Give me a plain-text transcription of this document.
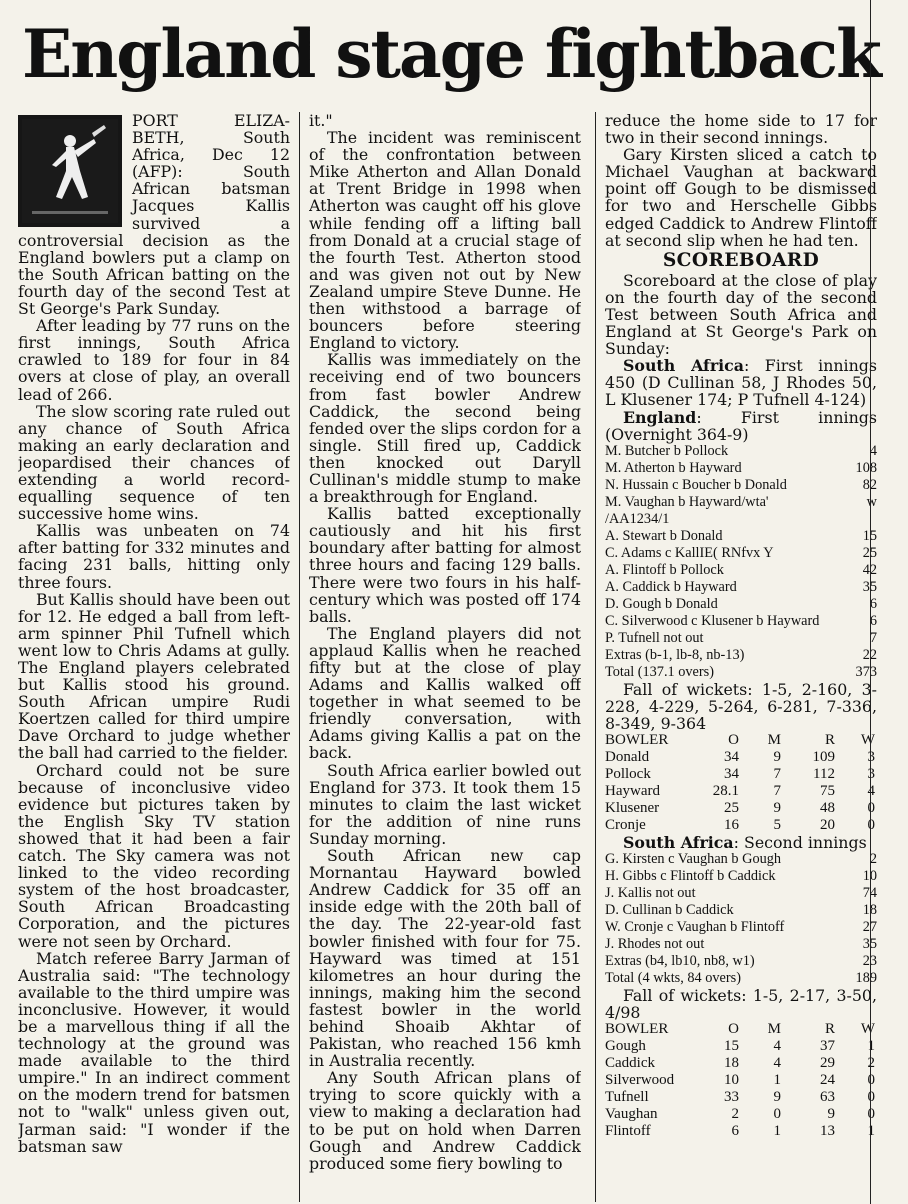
England stage fightback

PORT ELIZA-BETH, South Africa, Dec 12 (AFP): South African batsman Jacques Kallis survived a controversial decision as the England bowlers put a clamp on the South African batting on the fourth day of the second Test at St George's Park Sunday.

After leading by 77 runs on the first innings, South Africa crawled to 189 for four in 84 overs at close of play, an overall lead of 266.

The slow scoring rate ruled out any chance of South Africa making an early declaration and jeopardised their chances of extending a world record-equalling sequence of ten successive home wins.

Kallis was unbeaten on 74 after batting for 332 minutes and facing 231 balls, hitting only three fours.

But Kallis should have been out for 12. He edged a ball from left-arm spinner Phil Tufnell which went low to Chris Adams at gully. The England players celebrated but Kallis stood his ground. South African umpire Rudi Koertzen called for third umpire Dave Orchard to judge whether the ball had carried to the fielder.

Orchard could not be sure because of inconclusive video evidence but pictures taken by the English Sky TV station showed that it had been a fair catch. The Sky camera was not linked to the video recording system of the host broadcaster, South African Broadcasting Corporation, and the pictures were not seen by Orchard.

Match referee Barry Jarman of Australia said: "The technology available to the third umpire was inconclusive. However, it would be a marvellous thing if all the technology at the ground was made available to the third umpire." In an indirect comment on the modern trend for batsmen not to "walk" unless given out, Jarman said: "I wonder if the batsman saw

it."

The incident was reminiscent of the confrontation between Mike Atherton and Allan Donald at Trent Bridge in 1998 when Atherton was caught off his glove while fending off a lifting ball from Donald at a crucial stage of the fourth Test. Atherton stood and was given not out by New Zealand umpire Steve Dunne. He then withstood a barrage of bouncers before steering England to victory.

Kallis was immediately on the receiving end of two bouncers from fast bowler Andrew Caddick, the second being fended over the slips cordon for a single. Still fired up, Caddick then knocked out Daryll Cullinan's middle stump to make a breakthrough for England.

Kallis batted exceptionally cautiously and hit his first boundary after batting for almost three hours and facing 129 balls. There were two fours in his half-century which was posted off 174 balls.

The England players did not applaud Kallis when he reached fifty but at the close of play Adams and Kallis walked off together in what seemed to be friendly conversation, with Adams giving Kallis a pat on the back.

South Africa earlier bowled out England for 373. It took them 15 minutes to claim the last wicket for the addition of nine runs Sunday morning.

South African new cap Mornantau Hayward bowled Andrew Caddick for 35 off an inside edge with the 20th ball of the day. The 22-year-old fast bowler finished with four for 75. Hayward was timed at 151 kilometres an hour during the innings, making him the second fastest bowler in the world behind Shoaib Akhtar of Pakistan, who reached 156 kmh in Australia recently.

Any South African plans of trying to score quickly with a view to making a declaration had to be put on hold when Darren Gough and Andrew Caddick produced some fiery bowling to

reduce the home side to 17 for two in their second innings.

Gary Kirsten sliced a catch to Michael Vaughan at backward point off Gough to be dismissed for two and Herschelle Gibbs edged Caddick to Andrew Flintoff at second slip when he had ten.

SCOREBOARD

Scoreboard at the close of play on the fourth day of the second Test between South Africa and England at St George's Park on Sunday:

South Africa: First innings 450 (D Cullinan 58, J Rhodes 50, L Klusener 174; P Tufnell 4-124)

England: First innings (Overnight 364-9)

M. Butcher b Pollock	4
M. Atherton b Hayward	108
N. Hussain c Boucher b Donald	82
M. Vaughan b Hayward/wta'	w
/AA1234/1
A. Stewart b Donald	15
C. Adams c KallIE( RNfvx Y	25
A. Flintoff b Pollock	42
A. Caddick b Hayward	35
D. Gough b Donald	6
C. Silverwood c Klusener b Hayward	6
P. Tufnell not out	7
Extras (b-1, lb-8, nb-13)	22
Total (137.1 overs)	373

Fall of wickets: 1-5, 2-160, 3-228, 4-229, 5-264, 6-281, 7-336, 8-349, 9-364

BOWLER	O	M	R	W
Donald	34	9	109	3
Pollock	34	7	112	3
Hayward	28.1	7	75	4
Klusener	25	9	48	0
Cronje	16	5	20	0

South Africa: Second innings

G. Kirsten c Vaughan b Gough	2
H. Gibbs c Flintoff b Caddick	10
J. Kallis not out	74
D. Cullinan b Caddick	18
W. Cronje c Vaughan b Flintoff	27
J. Rhodes not out	35
Extras (b4, lb10, nb8, w1)	23
Total (4 wkts, 84 overs)	189

Fall of wickets: 1-5, 2-17, 3-50, 4/98

BOWLER	O	M	R	W
Gough	15	4	37	1
Caddick	18	4	29	2
Silverwood	10	1	24	0
Tufnell	33	9	63	0
Vaughan	2	0	9	0
Flintoff	6	1	13	1
